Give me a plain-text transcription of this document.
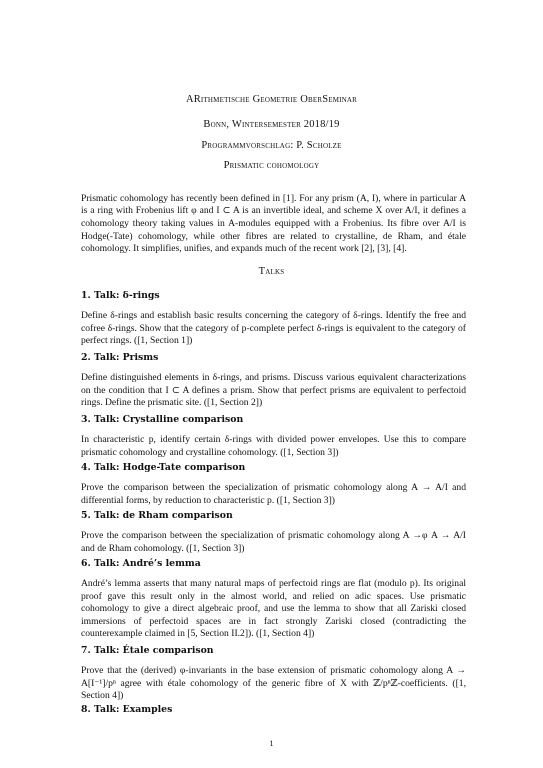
ARithmetische Geometrie OberSeminar
Bonn, Wintersemester 2018/19
Programmvorschlag: P. Scholze
Prismatic cohomology

Prismatic cohomology has recently been defined in [1]. For any prism (A, I), where in particular A is a ring with Frobenius lift φ and I ⊂ A is an invertible ideal, and scheme X over A/I, it defines a cohomology theory taking values in A-modules equipped with a Frobenius. Its fibre over A/I is Hodge(-Tate) cohomology, while other fibres are related to crystalline, de Rham, and étale cohomology. It simplifies, unifies, and expands much of the recent work [2], [3], [4].

Talks
1. Talk: δ-rings

Define δ-rings and establish basic results concerning the category of δ-rings. Identify the free and cofree δ-rings. Show that the category of p-complete perfect δ-rings is equivalent to the category of perfect rings. ([1, Section 1])

2. Talk: Prisms

Define distinguished elements in δ-rings, and prisms. Discuss various equivalent characterizations on the condition that I ⊂ A defines a prism. Show that perfect prisms are equivalent to perfectoid rings. Define the prismatic site. ([1, Section 2])

3. Talk: Crystalline comparison

In characteristic p, identify certain δ-rings with divided power envelopes. Use this to compare prismatic cohomology and crystalline cohomology. ([1, Section 3])

4. Talk: Hodge-Tate comparison

Prove the comparison between the specialization of prismatic cohomology along A → A/I and differential forms, by reduction to characteristic p. ([1, Section 3])

5. Talk: de Rham comparison

Prove the comparison between the specialization of prismatic cohomology along A →φ A → A/I and de Rham cohomology. ([1, Section 3])

6. Talk: André’s lemma

André’s lemma asserts that many natural maps of perfectoid rings are flat (modulo p). Its original proof gave this result only in the almost world, and relied on adic spaces. Use prismatic cohomology to give a direct algebraic proof, and use the lemma to show that all Zariski closed immersions of perfectoid spaces are in fact strongly Zariski closed (contradicting the counterexample claimed in [5, Section II.2]). ([1, Section 4])

7. Talk: Étale comparison

Prove that the (derived) φ-invariants in the base extension of prismatic cohomology along A → A[I⁻¹]/pⁿ agree with étale cohomology of the generic fibre of X with ℤ/pⁿℤ-coefficients. ([1, Section 4])

8. Talk: Examples
1
